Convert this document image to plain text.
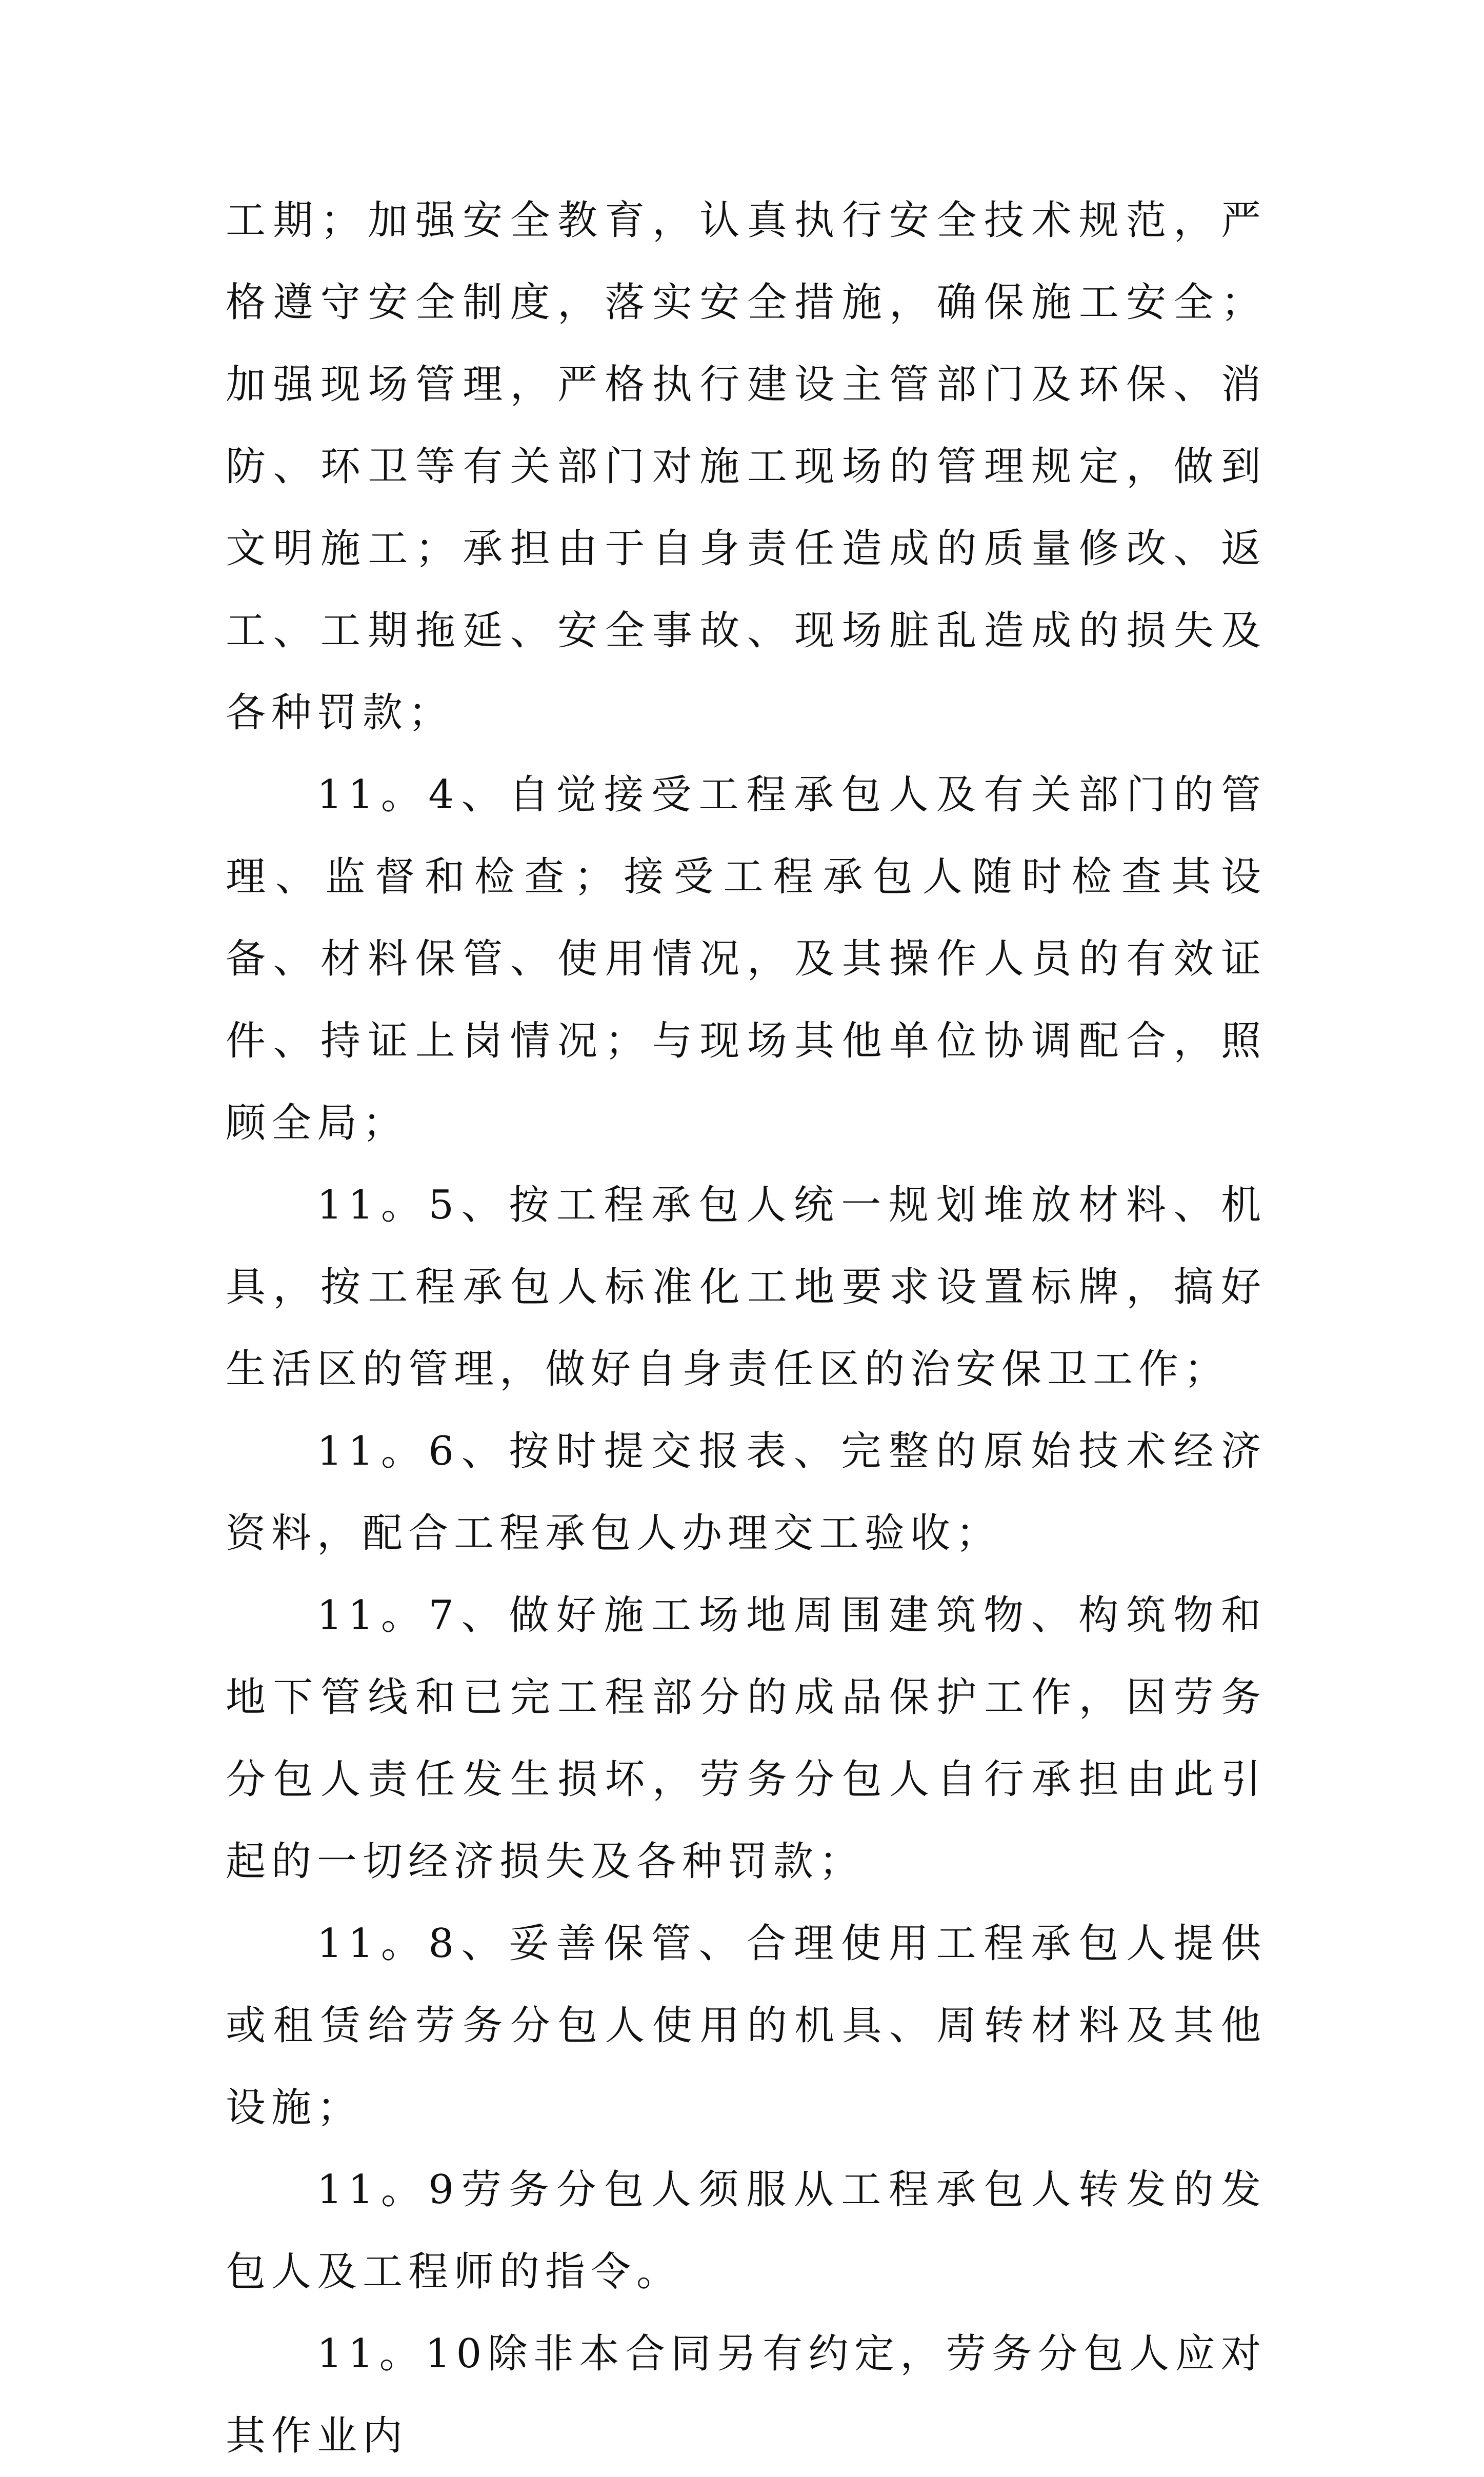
工期；加强安全教育，认真执行安全技术规范，严格遵守安全制度，落实安全措施，确保施工安全；加强现场管理，严格执行建设主管部门及环保、消防、环卫等有关部门对施工现场的管理规定，做到文明施工；承担由于自身责任造成的质量修改、返工、工期拖延、安全事故、现场脏乱造成的损失及各种罚款；

11。4、自觉接受工程承包人及有关部门的管理、监督和检查；接受工程承包人随时检查其设备、材料保管、使用情况，及其操作人员的有效证件、持证上岗情况；与现场其他单位协调配合，照顾全局；

11。5、按工程承包人统一规划堆放材料、机具，按工程承包人标准化工地要求设置标牌，搞好生活区的管理，做好自身责任区的治安保卫工作；

11。6、按时提交报表、完整的原始技术经济资料，配合工程承包人办理交工验收；

11。7、做好施工场地周围建筑物、构筑物和地下管线和已完工程部分的成品保护工作，因劳务分包人责任发生损坏，劳务分包人自行承担由此引起的一切经济损失及各种罚款；

11。8、妥善保管、合理使用工程承包人提供或租赁给劳务分包人使用的机具、周转材料及其他设施；

11。9劳务分包人须服从工程承包人转发的发包人及工程师的指令。

11。10除非本合同另有约定，劳务分包人应对其作业内
